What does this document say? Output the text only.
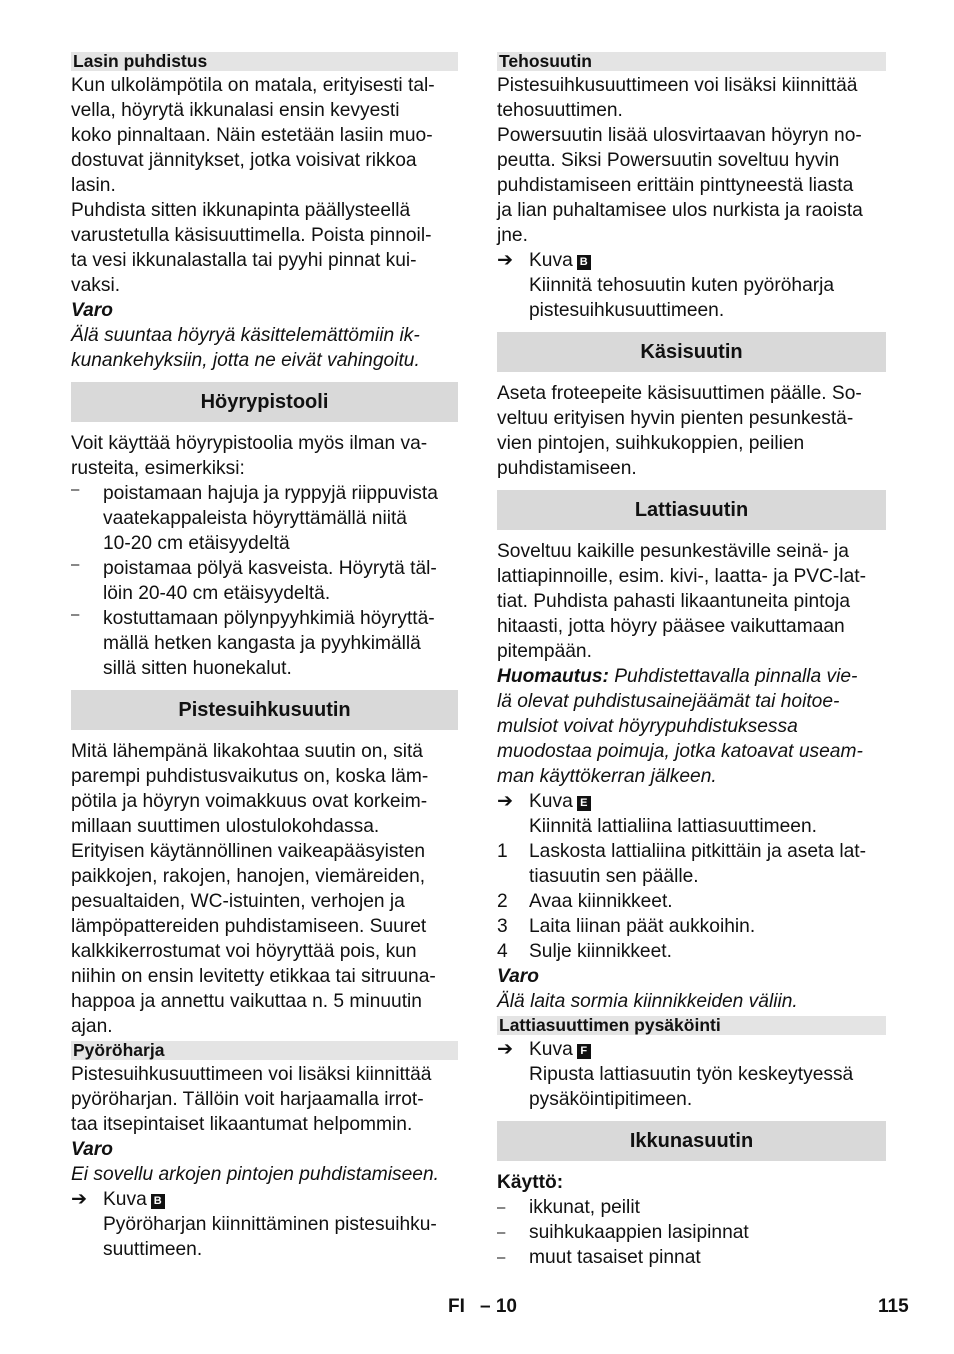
Lasin puhdistus

Kun ulkolämpötila on matala, erityisesti tal-

vella, höyrytä ikkunalasi ensin kevyesti

koko pinnaltaan. Näin estetään lasiin muo-

dostuvat jännitykset, jotka voisivat rikkoa

lasin.

Puhdista sitten ikkunapinta päällysteellä

varustetulla käsisuuttimella. Poista pinnoil-

ta vesi ikkunalastalla tai pyyhi pinnat kui-

vaksi.

Varo

Älä suuntaa höyryä käsittelemättömiin ik-

kunankehyksiin, jotta ne eivät vahingoitu.

Höyrypistooli

Voit käyttää höyrypistoolia myös ilman va-

rusteita, esimerkiksi:

– poistamaan hajuja ja ryppyjä riippuvista

vaatekappaleista höyryttämällä niitä

10-20 cm etäisyydeltä

– poistamaa pölyä kasveista. Höyrytä täl-

löin 20-40 cm etäisyydeltä.

– kostuttamaan pölynpyyhkimiä höyryttä-

mällä hetken kangasta ja pyyhkimällä

sillä sitten huonekalut.

Pistesuihkusuutin

Mitä lähempänä likakohtaa suutin on, sitä

parempi puhdistusvaikutus on, koska läm-

pötila ja höyryn voimakkuus ovat korkeim-

millaan suuttimen ulostulokohdassa.

Erityisen käytännöllinen vaikeapääsyisten

paikkojen, rakojen, hanojen, viemäreiden,

pesualtaiden, WC-istuinten, verhojen ja

lämpöpattereiden puhdistamiseen. Suuret

kalkkikerrostumat voi höyryttää pois, kun

niihin on ensin levitetty etikkaa tai sitruuna-

happoa ja annettu vaikuttaa n. 5 minuutin

ajan.

Pyöröharja

Pistesuihkusuuttimeen voi lisäksi kiinnittää

pyöröharjan. Tällöin voit harjaamalla irrot-

taa itsepintaiset likaantumat helpommin.

Varo

Ei sovellu arkojen pintojen puhdistamiseen.

➔ Kuva B

Pyöröharjan kiinnittäminen pistesuihku-

suuttimeen.

Tehosuutin

Pistesuihkusuuttimeen voi lisäksi kiinnittää

tehosuuttimen.

Powersuutin lisää ulosvirtaavan höyryn no-

peutta. Siksi Powersuutin soveltuu hyvin

puhdistamiseen erittäin pinttyneestä liasta

ja lian puhaltamisee ulos nurkista ja raoista

jne.

➔ Kuva B

Kiinnitä tehosuutin kuten pyöröharja

pistesuihkusuuttimeen.

Käsisuutin

Aseta froteepeite käsisuuttimen päälle. So-

veltuu erityisen hyvin pienten pesunkestä-

vien pintojen, suihkukoppien, peilien

puhdistamiseen.

Lattiasuutin

Soveltuu kaikille pesunkestäville seinä- ja

lattiapinnoille, esim. kivi-, laatta- ja PVC-lat-

tiat. Puhdista pahasti likaantuneita pintoja

hitaasti, jotta höyry pääsee vaikuttamaan

pitempään.

Huomautus: Puhdistettavalla pinnalla vie-

lä olevat puhdistusainejäämät tai hoitoe-

mulsiot voivat höyrypuhdistuksessa

muodostaa poimuja, jotka katoavat useam-

man käyttökerran jälkeen.

➔ Kuva E

Kiinnitä lattialiina lattiasuuttimeen.

1 Laskosta lattialiina pitkittäin ja aseta lat-

tiasuutin sen päälle.

2 Avaa kiinnikkeet.

3 Laita liinan päät aukkoihin.

4 Sulje kiinnikkeet.

Varo

Älä laita sormia kiinnikkeiden väliin.

Lattiasuuttimen pysäköinti
➔ Kuva F

Ripusta lattiasuutin työn keskeytyessä

pysäköintipitimeen.

Ikkunasuutin

Käyttö:

– ikkunat, peilit

– suihkukaappien lasipinnat

– muut tasaiset pinnat

FI – 10	115
